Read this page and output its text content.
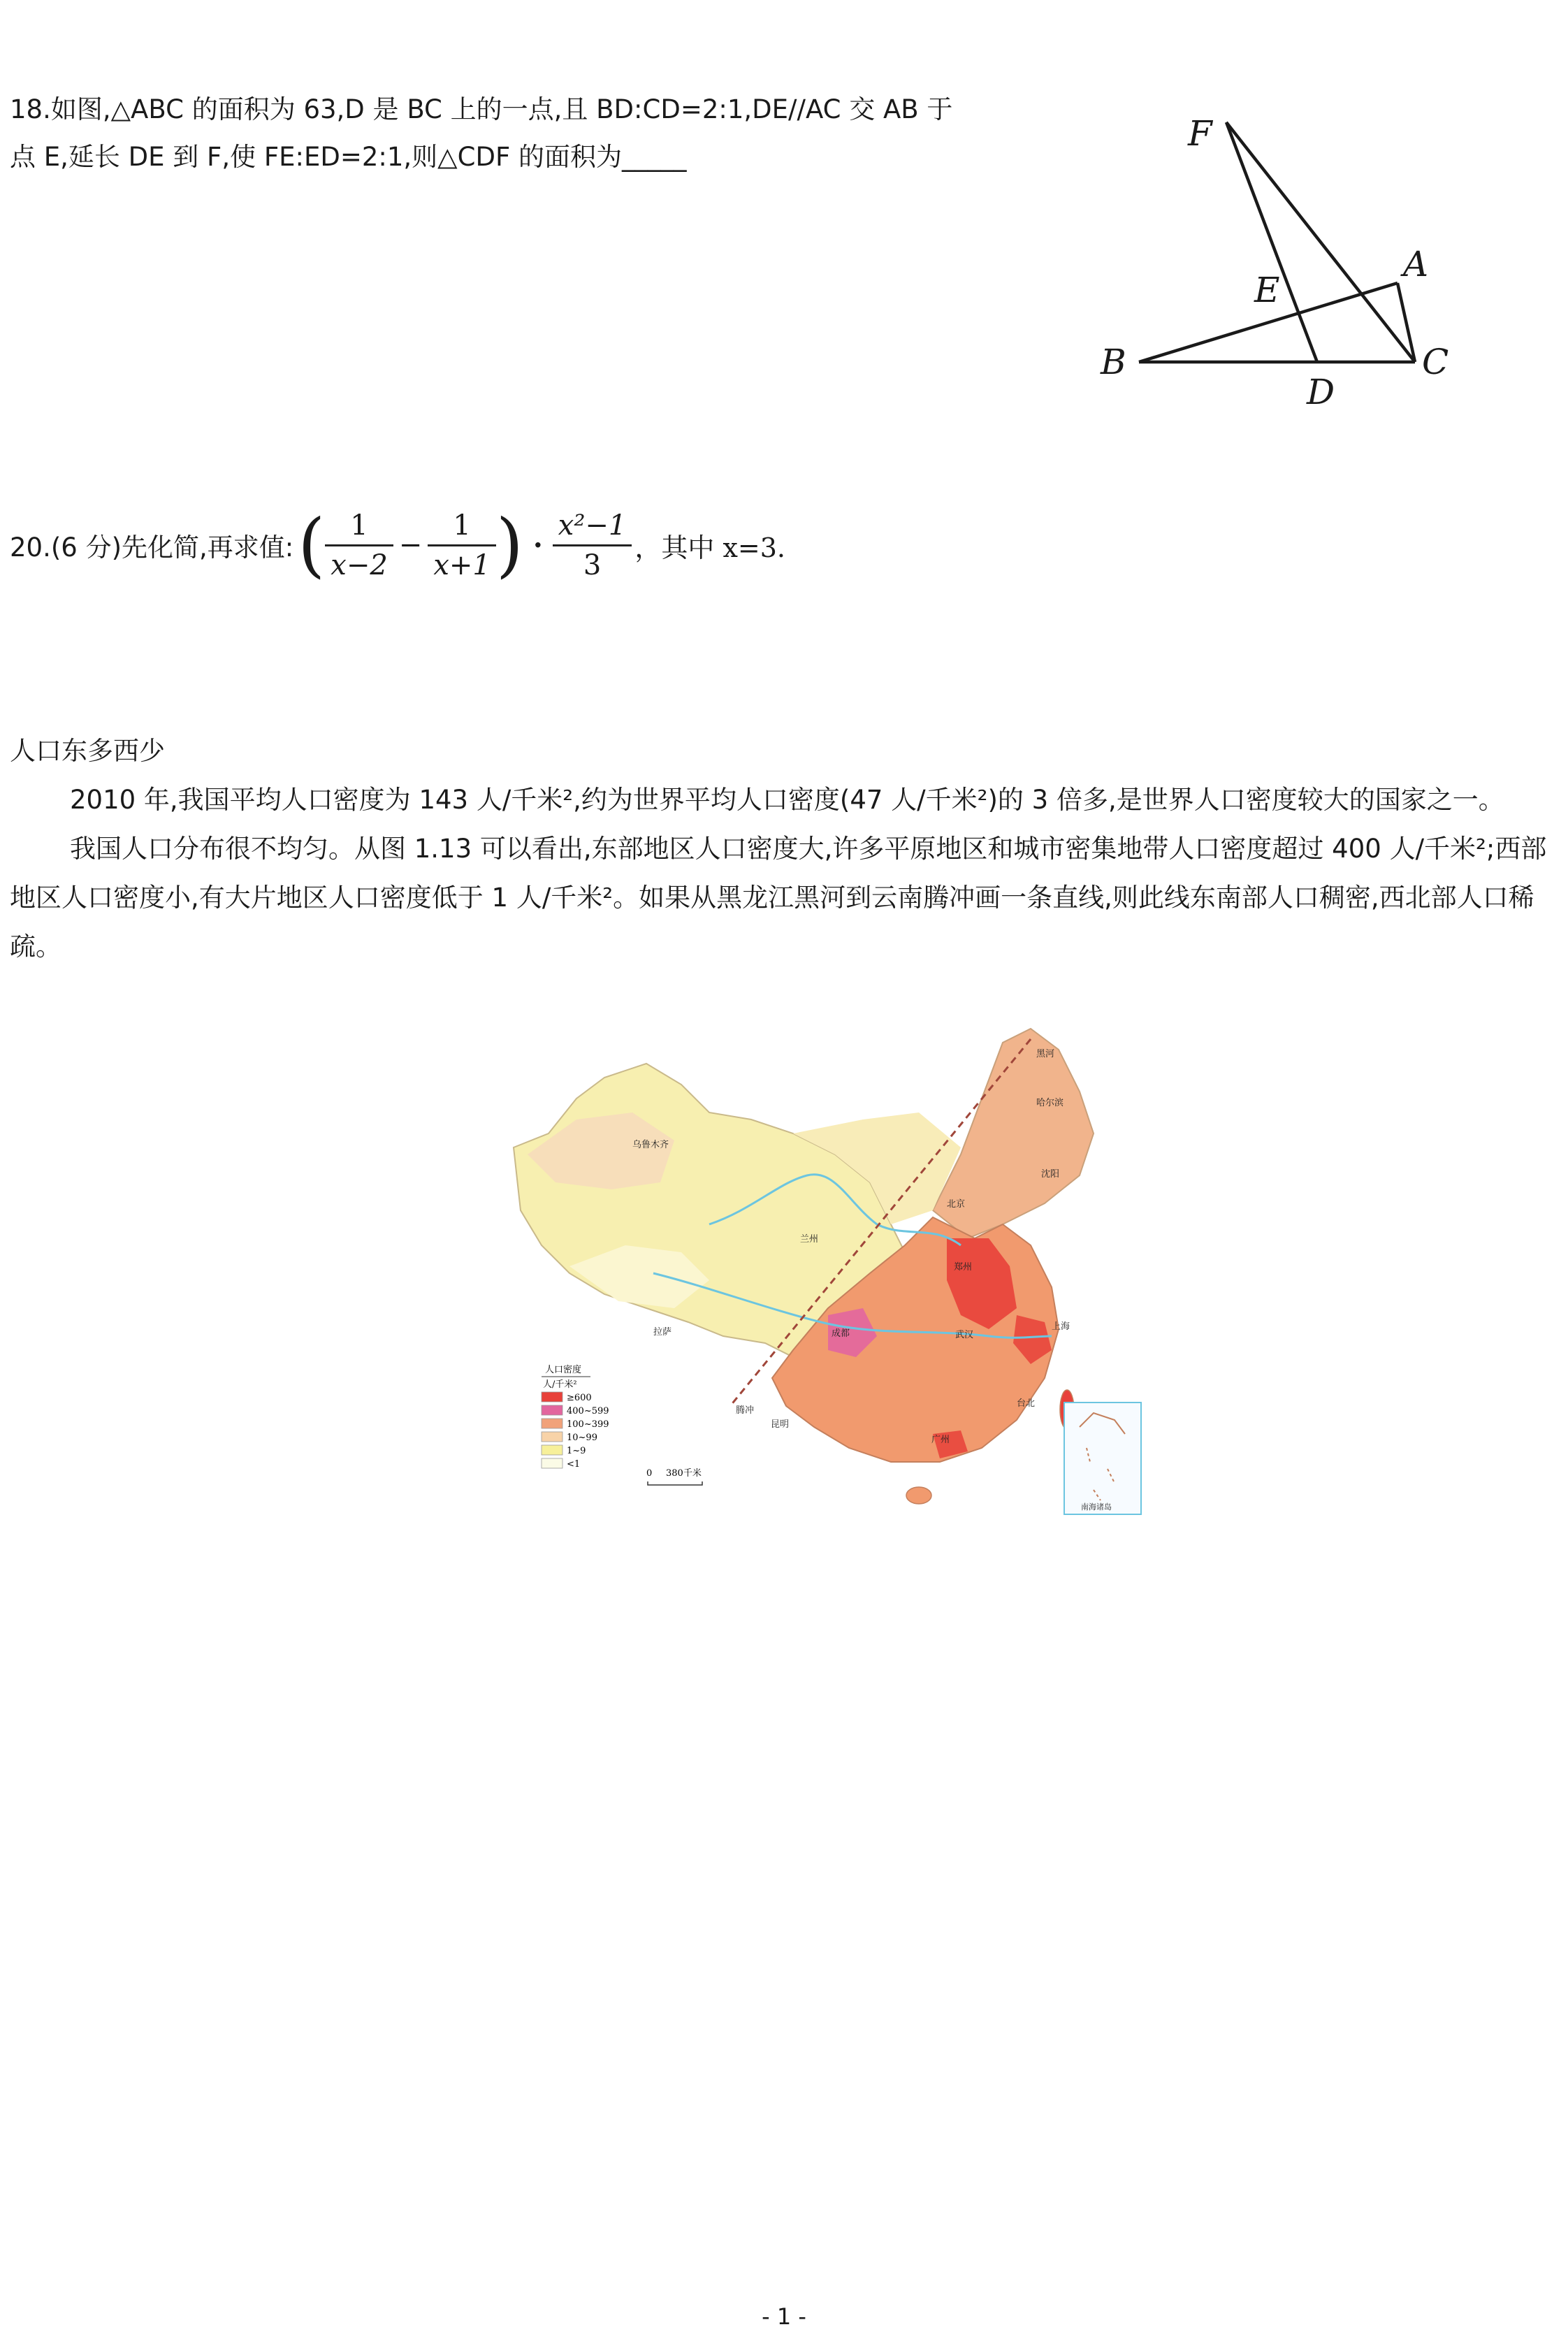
18.如图,△ABC 的面积为 63,D 是 BC 上的一点,且 BD:CD=2:1,DE//AC 交 AB 于
点 E,延长 DE 到 F,使 FE:ED=2:1,则△CDF 的面积为_____
F
A
E
B	C
D
20.(6 分)先化简,再求值: ( $\frac{1}{x-2} - \frac{1}{x+1}$ ) · $\frac{\text{x²−1}}{3}$ ，其中 x=3.
人口东多西少

2010 年,我国平均人口密度为 143 人/千米²,约为世界平均人口密度(47 人/千米²)的 3 倍多,是世界人口密度较大的国家之一。

我国人口分布很不均匀。从图 1.13 可以看出,东部地区人口密度大,许多平原地区和城市密集地带人口密度超过 400 人/千米²;西部地区人口密度小,有大片地区人口密度低于 1 人/千米²。如果从黑龙江黑河到云南腾冲画一条直线,则此线东南部人口稠密,西北部人口稀疏。

黑河
哈尔滨
沈阳
北京
乌鲁木齐
拉萨	成都
上海
腾冲
昆明
广州
台北
兰州
郑州
武汉
南海诸岛
人口密度
人/千米²
≥600
400~599
100~399
10~99
1~9
<1
0 380千米
- 1 -
